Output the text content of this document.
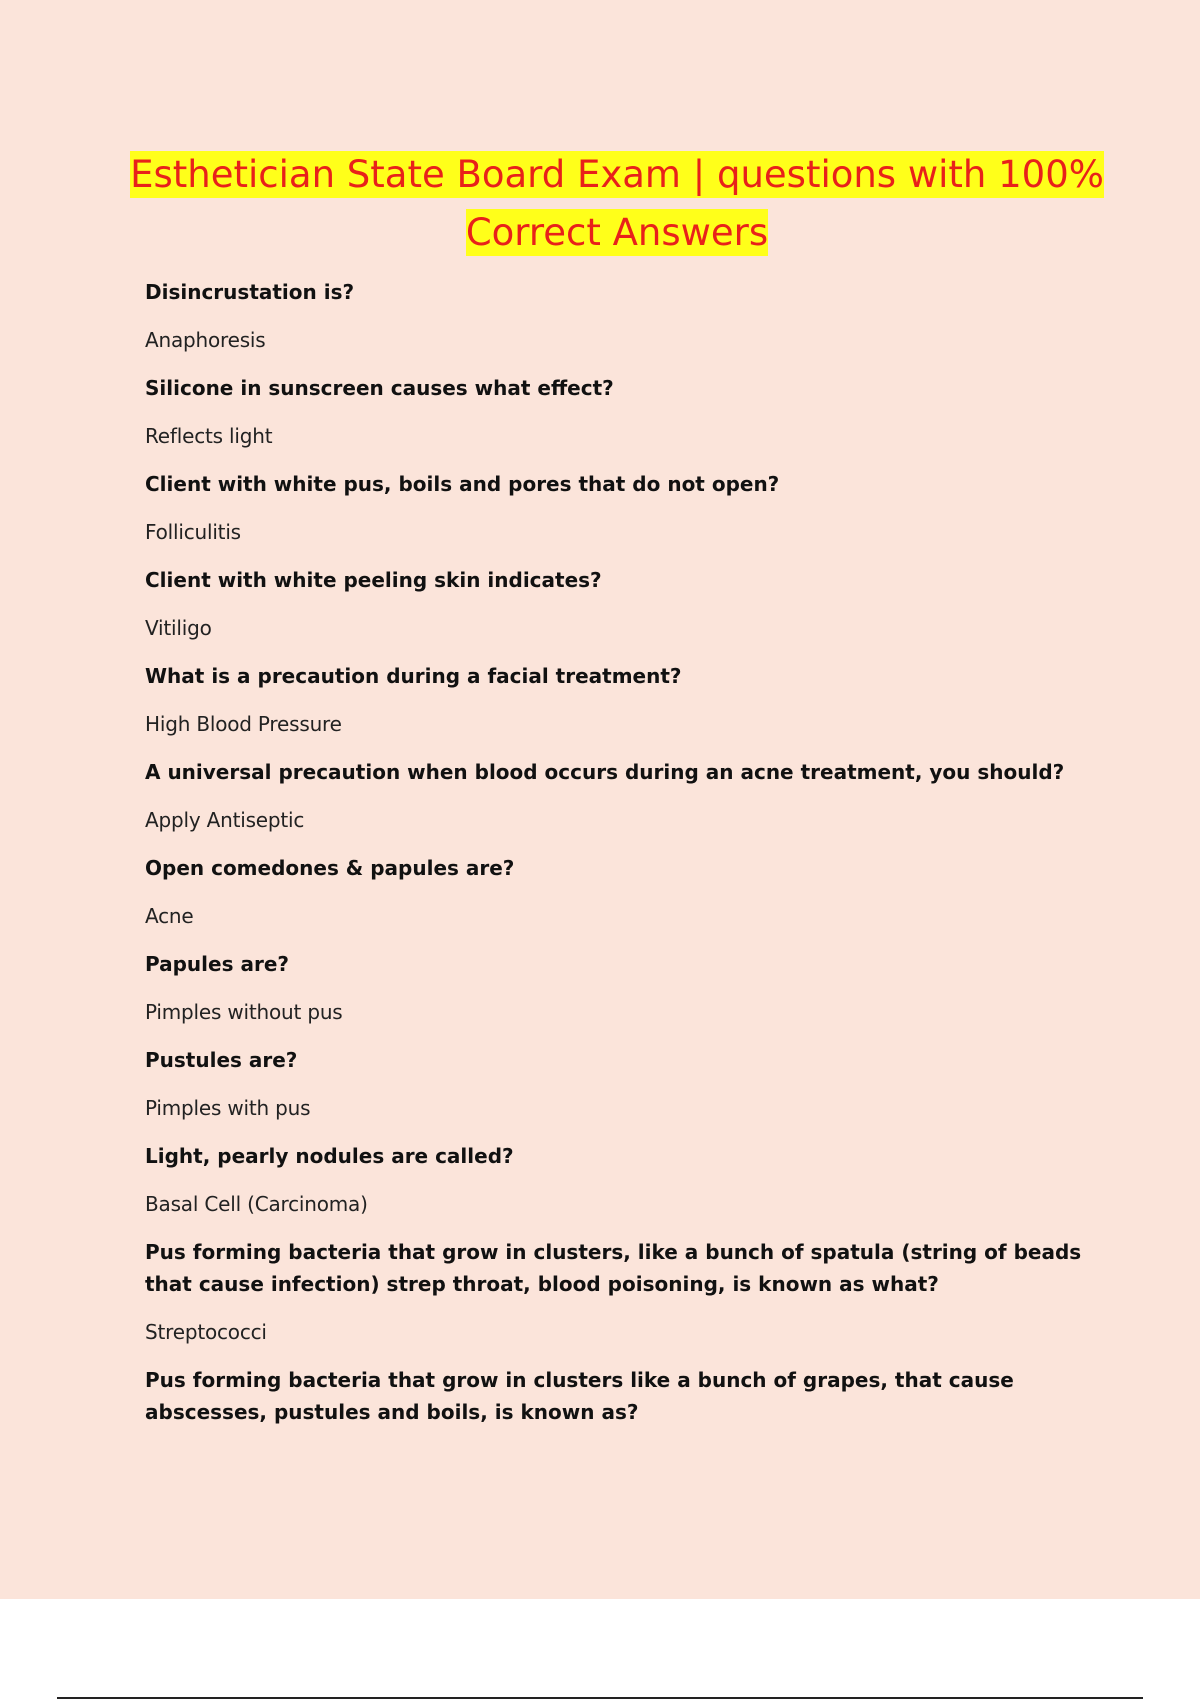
Esthetician State Board Exam | questions with 100%
Correct Answers
Disincrustation is?
Anaphoresis
Silicone in sunscreen causes what effect?
Reflects light
Client with white pus, boils and pores that do not open?
Folliculitis
Client with white peeling skin indicates?
Vitiligo
What is a precaution during a facial treatment?
High Blood Pressure
A universal precaution when blood occurs during an acne treatment, you should?
Apply Antiseptic
Open comedones & papules are?
Acne
Papules are?
Pimples without pus
Pustules are?
Pimples with pus
Light, pearly nodules are called?
Basal Cell (Carcinoma)
Pus forming bacteria that grow in clusters, like a bunch of spatula (string of beads that cause infection) strep throat, blood poisoning, is known as what?
Streptococci
Pus forming bacteria that grow in clusters like a bunch of grapes, that cause abscesses, pustules and boils, is known as?
